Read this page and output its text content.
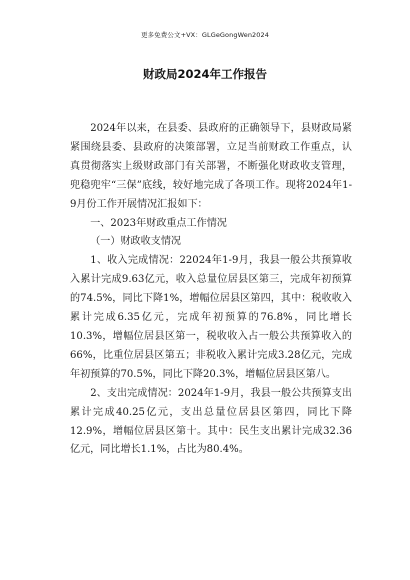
更多免费公文+VX：GLGeGongWen2024
财政局2024年工作报告

2024年以来，在县委、县政府的正确领导下，县财政局紧紧围绕县委、县政府的决策部署，立足当前财政工作重点，认真贯彻落实上级财政部门有关部署，不断强化财政收支管理，兜稳兜牢“三保”底线，较好地完成了各项工作。现将2024年1-9月份工作开展情况汇报如下：

一、2023年财政重点工作情况

（一）财政收支情况

1、收入完成情况：22024年1-9月，我县一般公共预算收入累计完成9.63亿元，收入总量位居县区第三，完成年初预算的74.5%，同比下降1%，增幅位居县区第四，其中：税收收入累计完成6.35亿元，完成年初预算的76.8%，同比增长10.3%，增幅位居县区第一，税收收入占一般公共预算收入的66%，比重位居县区第五；非税收入累计完成3.28亿元，完成年初预算的70.5%，同比下降20.3%，增幅位居县区第八。

2、支出完成情况：2024年1-9月，我县一般公共预算支出累计完成40.25亿元，支出总量位居县区第四，同比下降12.9%，增幅位居县区第十。其中：民生支出累计完成32.36亿元，同比增长1.1%，占比为80.4%。
